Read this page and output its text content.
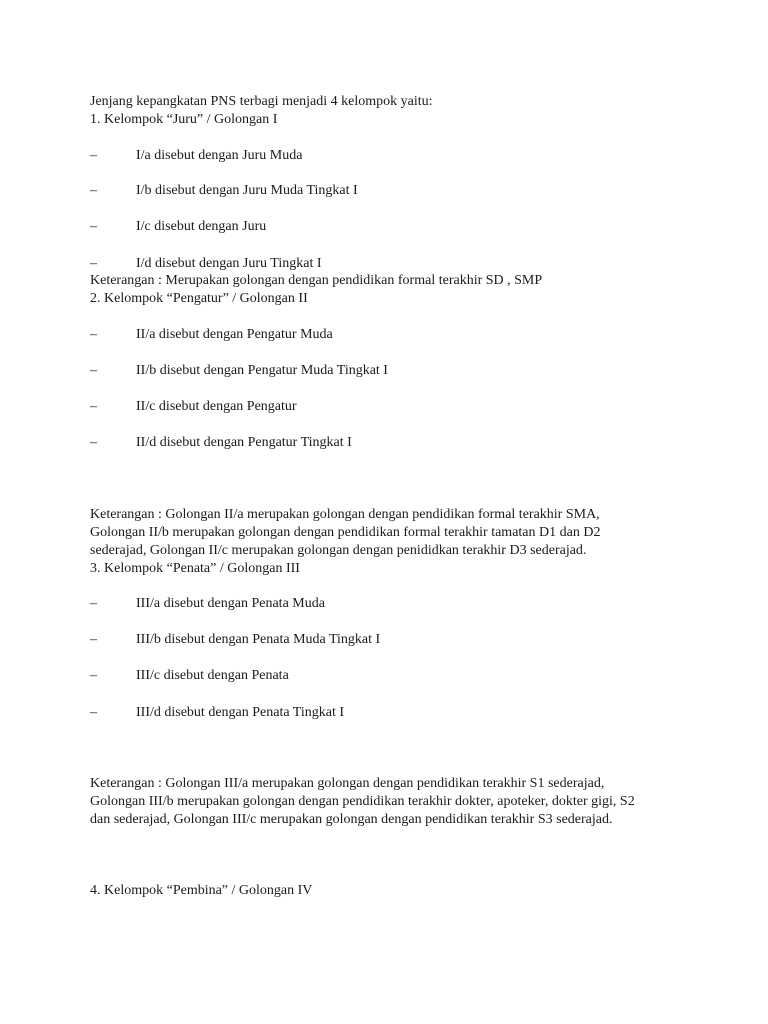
Jenjang kepangkatan PNS terbagi menjadi 4 kelompok yaitu:
1. Kelompok “Juru” / Golongan I
–	I/a disebut dengan Juru Muda
–	I/b disebut dengan Juru Muda Tingkat I
–	I/c disebut dengan Juru
–	I/d disebut dengan Juru Tingkat I
Keterangan : Merupakan golongan dengan pendidikan formal terakhir SD , SMP
2. Kelompok “Pengatur” / Golongan II
–	II/a disebut dengan Pengatur Muda
–	II/b disebut dengan Pengatur Muda Tingkat I
–	II/c disebut dengan Pengatur
–	II/d disebut dengan Pengatur Tingkat I
Keterangan : Golongan II/a merupakan golongan dengan pendidikan formal terakhir SMA,
Golongan II/b merupakan golongan dengan pendidikan formal terakhir tamatan D1 dan D2
sederajad, Golongan II/c merupakan golongan dengan penididkan terakhir D3 sederajad.
3. Kelompok “Penata” / Golongan III
–	III/a disebut dengan Penata Muda
–	III/b disebut dengan Penata Muda Tingkat I
–	III/c disebut dengan Penata
–	III/d disebut dengan Penata Tingkat I
Keterangan : Golongan III/a merupakan golongan dengan pendidikan terakhir S1 sederajad,
Golongan III/b merupakan golongan dengan pendidikan terakhir dokter, apoteker, dokter gigi, S2
dan sederajad, Golongan III/c merupakan golongan dengan pendidikan terakhir S3 sederajad.
4. Kelompok “Pembina” / Golongan IV
